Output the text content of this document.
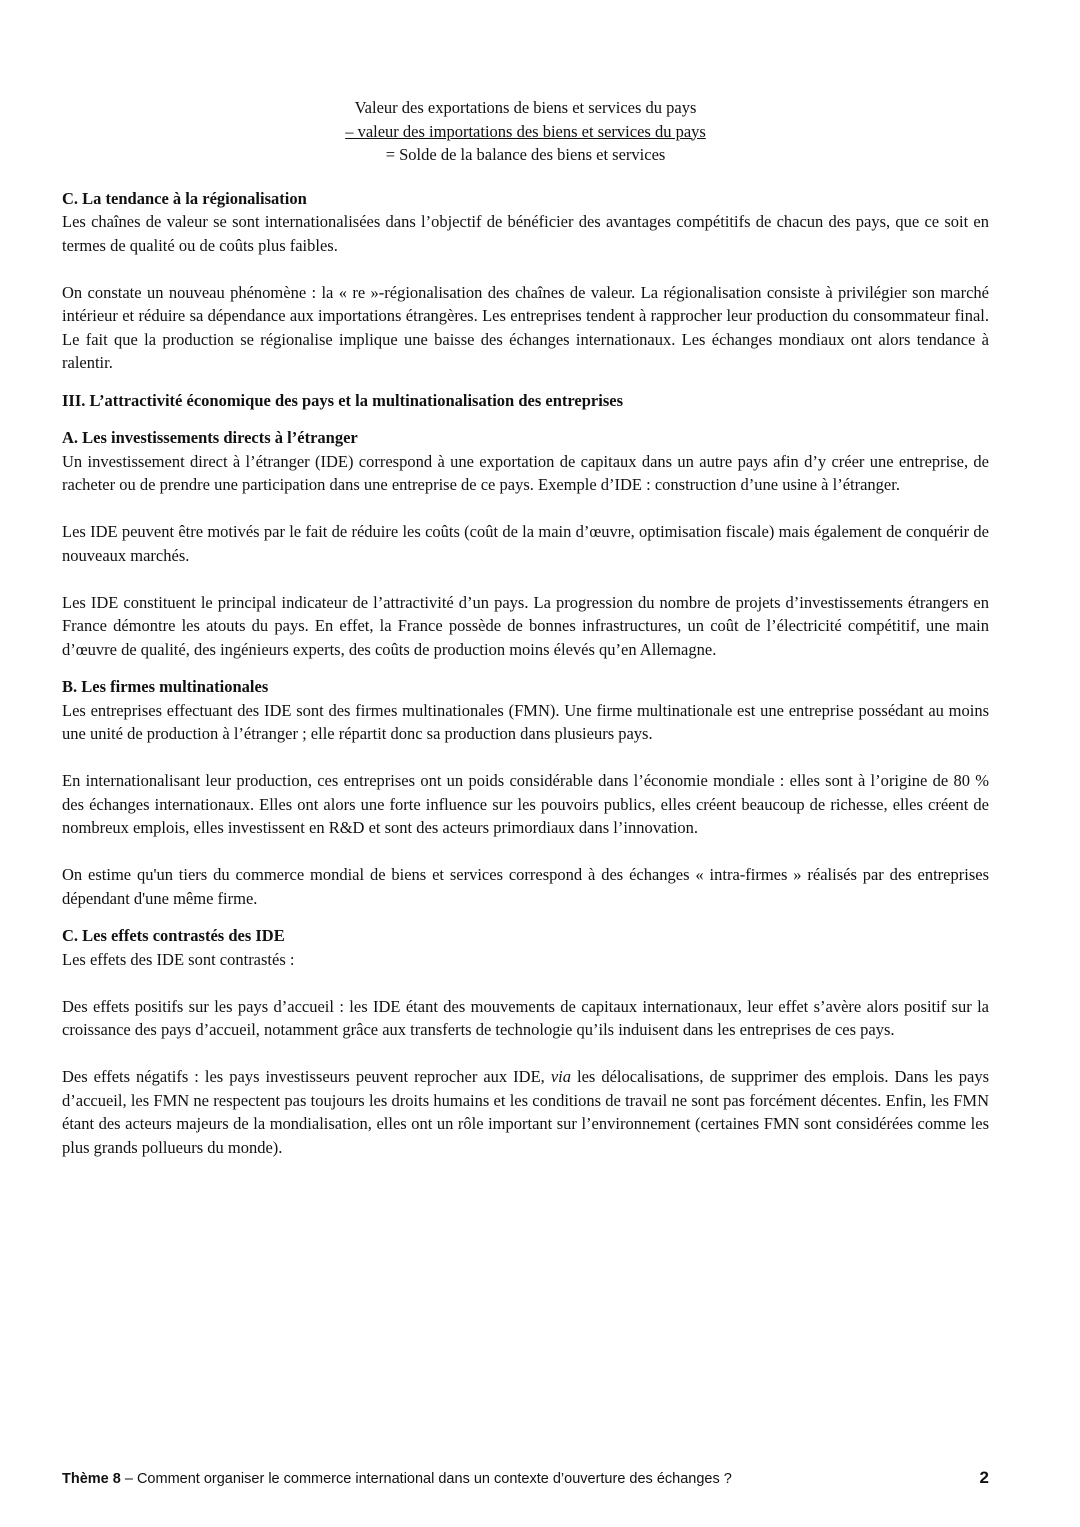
Valeur des exportations de biens et services du pays
– valeur des importations des biens et services du pays
= Solde de la balance des biens et services
C. La tendance à la régionalisation

Les chaînes de valeur se sont internationalisées dans l’objectif de bénéficier des avantages compétitifs de chacun des pays, que ce soit en termes de qualité ou de coûts plus faibles.

On constate un nouveau phénomène : la « re »-régionalisation des chaînes de valeur. La régionalisation consiste à privilégier son marché intérieur et réduire sa dépendance aux importations étrangères. Les entreprises tendent à rapprocher leur production du consommateur final. Le fait que la production se régionalise implique une baisse des échanges internationaux. Les échanges mondiaux ont alors tendance à ralentir.

III. L’attractivité économique des pays et la multinationalisation des entreprises
A. Les investissements directs à l’étranger

Un investissement direct à l’étranger (IDE) correspond à une exportation de capitaux dans un autre pays afin d’y créer une entreprise, de racheter ou de prendre une participation dans une entreprise de ce pays. Exemple d’IDE : construction d’une usine à l’étranger.

Les IDE peuvent être motivés par le fait de réduire les coûts (coût de la main d’œuvre, optimisation fiscale) mais également de conquérir de nouveaux marchés.

Les IDE constituent le principal indicateur de l’attractivité d’un pays. La progression du nombre de projets d’investissements étrangers en France démontre les atouts du pays. En effet, la France possède de bonnes infrastructures, un coût de l’électricité compétitif, une main d’œuvre de qualité, des ingénieurs experts, des coûts de production moins élevés qu’en Allemagne.

B. Les firmes multinationales

Les entreprises effectuant des IDE sont des firmes multinationales (FMN). Une firme multinationale est une entreprise possédant au moins une unité de production à l’étranger ; elle répartit donc sa production dans plusieurs pays.

En internationalisant leur production, ces entreprises ont un poids considérable dans l’économie mondiale : elles sont à l’origine de 80 % des échanges internationaux. Elles ont alors une forte influence sur les pouvoirs publics, elles créent beaucoup de richesse, elles créent de nombreux emplois, elles investissent en R&D et sont des acteurs primordiaux dans l’innovation.

On estime qu'un tiers du commerce mondial de biens et services correspond à des échanges « intra-firmes » réalisés par des entreprises dépendant d'une même firme.

C. Les effets contrastés des IDE

Les effets des IDE sont contrastés :

Des effets positifs sur les pays d’accueil : les IDE étant des mouvements de capitaux internationaux, leur effet s’avère alors positif sur la croissance des pays d’accueil, notamment grâce aux transferts de technologie qu’ils induisent dans les entreprises de ces pays.

Des effets négatifs : les pays investisseurs peuvent reprocher aux IDE, via les délocalisations, de supprimer des emplois. Dans les pays d’accueil, les FMN ne respectent pas toujours les droits humains et les conditions de travail ne sont pas forcément décentes. Enfin, les FMN étant des acteurs majeurs de la mondialisation, elles ont un rôle important sur l’environnement (certaines FMN sont considérées comme les plus grands pollueurs du monde).

Thème 8 – Comment organiser le commerce international dans un contexte d’ouverture des échanges ?	2
